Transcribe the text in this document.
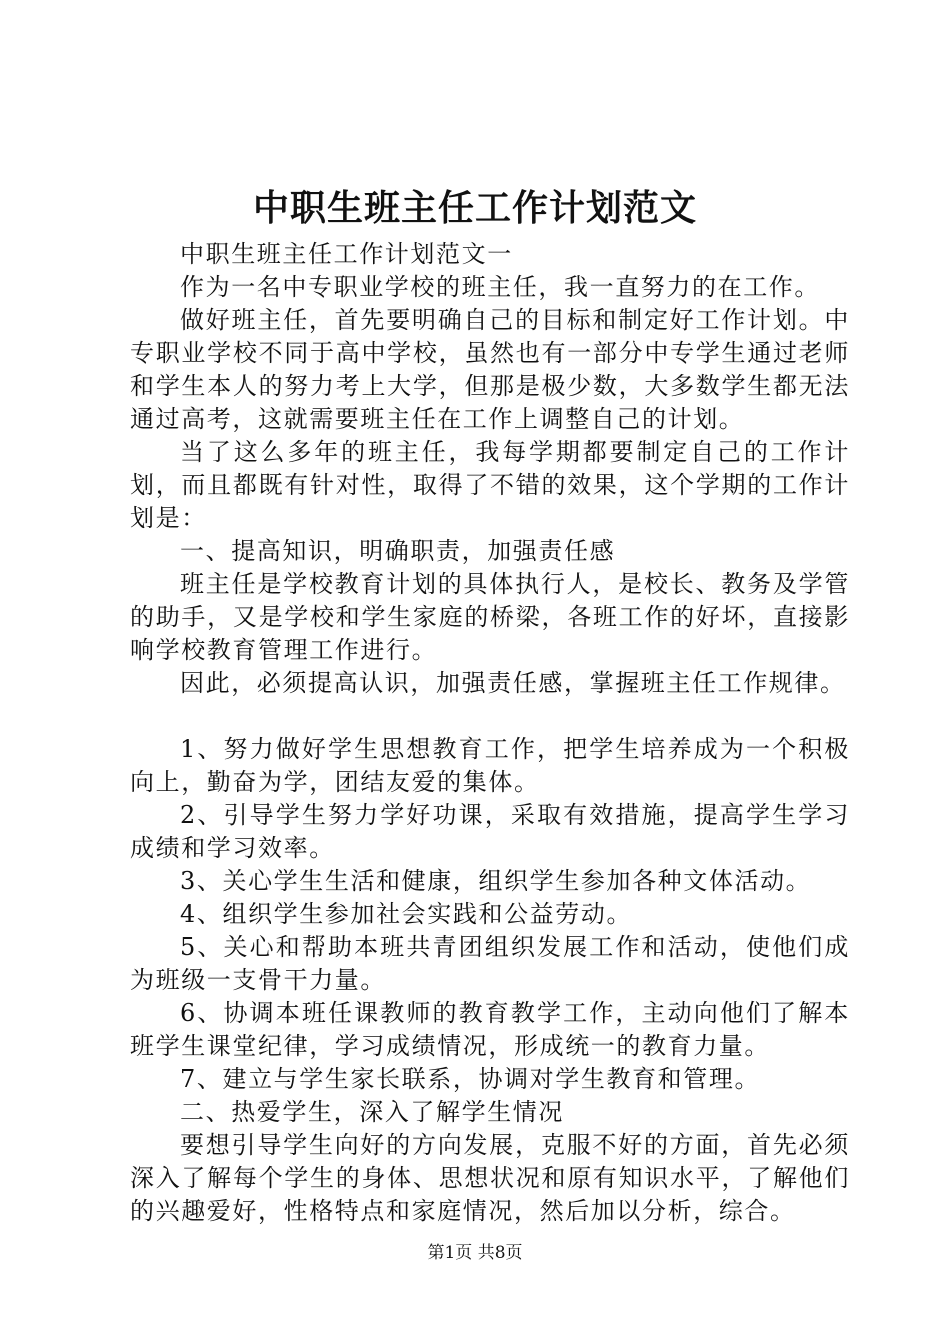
中职生班主任工作计划范文

中职生班主任工作计划范文一

作为一名中专职业学校的班主任，我一直努力的在工作。

做好班主任，首先要明确自己的目标和制定好工作计划。中专职业学校不同于高中学校，虽然也有一部分中专学生通过老师和学生本人的努力考上大学，但那是极少数，大多数学生都无法通过高考，这就需要班主任在工作上调整自己的计划。

当了这么多年的班主任，我每学期都要制定自己的工作计划，而且都既有针对性，取得了不错的效果，这个学期的工作计划是：

一、提高知识，明确职责，加强责任感

班主任是学校教育计划的具体执行人，是校长、教务及学管的助手，又是学校和学生家庭的桥梁，各班工作的好坏，直接影响学校教育管理工作进行。

因此，必须提高认识，加强责任感，掌握班主任工作规律。

1、努力做好学生思想教育工作，把学生培养成为一个积极向上，勤奋为学，团结友爱的集体。

2、引导学生努力学好功课，采取有效措施，提高学生学习成绩和学习效率。

3、关心学生生活和健康，组织学生参加各种文体活动。

4、组织学生参加社会实践和公益劳动。

5、关心和帮助本班共青团组织发展工作和活动，使他们成为班级一支骨干力量。

6、协调本班任课教师的教育教学工作，主动向他们了解本班学生课堂纪律，学习成绩情况，形成统一的教育力量。

7、建立与学生家长联系，协调对学生教育和管理。

二、热爱学生，深入了解学生情况

要想引导学生向好的方向发展，克服不好的方面，首先必须深入了解每个学生的身体、思想状况和原有知识水平，了解他们的兴趣爱好，性格特点和家庭情况，然后加以分析，综合。

第1页 共8页
